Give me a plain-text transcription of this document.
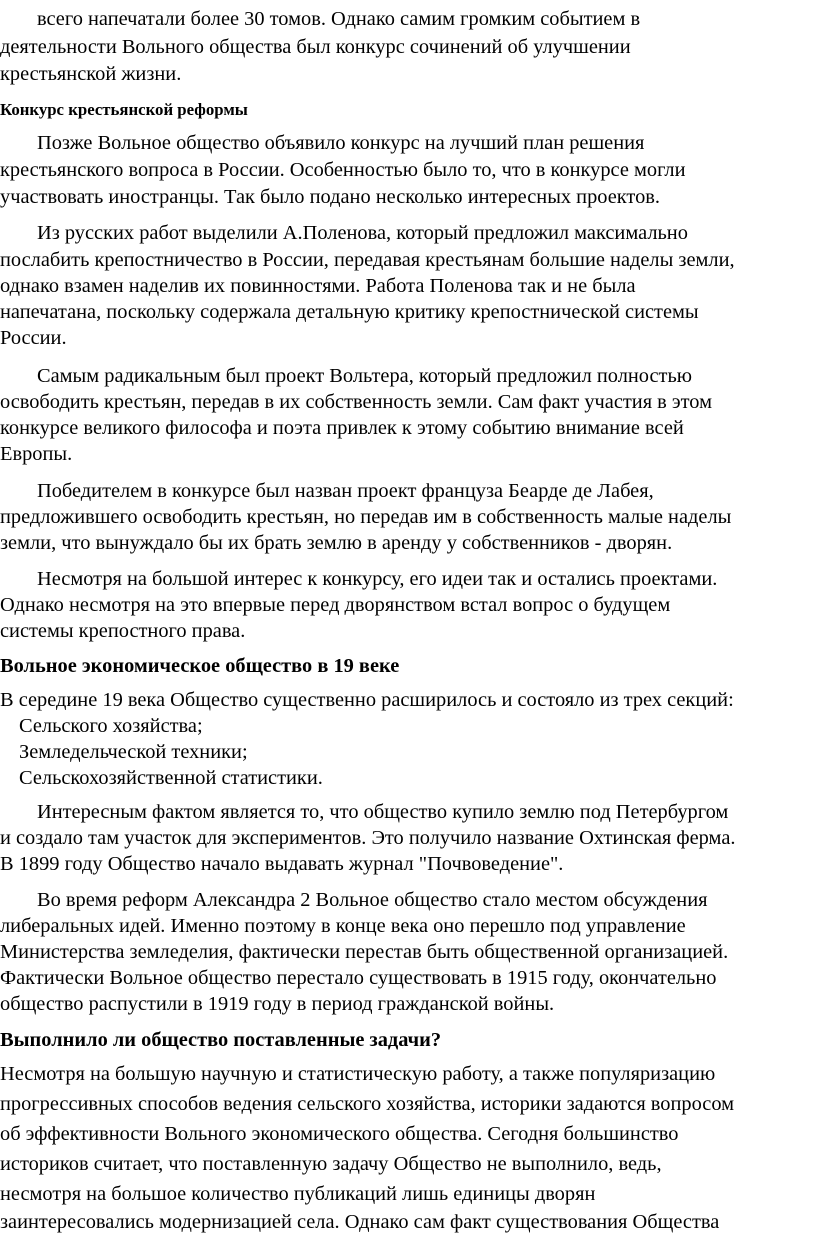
всего напечатали более 30 томов. Однако самим громким событием в
деятельности Вольного общества был конкурс сочинений об улучшении
крестьянской жизни.
Конкурс крестьянской реформы
Позже Вольное общество объявило конкурс на лучший план решения
крестьянского вопроса в России. Особенностью было то, что в конкурсе могли
участвовать иностранцы. Так было подано несколько интересных проектов.
Из русских работ выделили А.Поленова, который предложил максимально
послабить крепостничество в России, передавая крестьянам большие наделы земли,
однако взамен наделив их повинностями. Работа Поленова так и не была
напечатана, поскольку содержала детальную критику крепостнической системы
России.
Самым радикальным был проект Вольтера, который предложил полностью
освободить крестьян, передав в их собственность земли. Сам факт участия в этом
конкурсе великого философа и поэта привлек к этому событию внимание всей
Европы.
Победителем в конкурсе был назван проект француза Беарде де Лабея,
предложившего освободить крестьян, но передав им в собственность малые наделы
земли, что вынуждало бы их брать землю в аренду у собственников - дворян.
Несмотря на большой интерес к конкурсу, его идеи так и остались проектами.
Однако несмотря на это впервые перед дворянством встал вопрос о будущем
системы крепостного права.
Вольное экономическое общество в 19 веке
В середине 19 века Общество существенно расширилось и состояло из трех секций:
Сельского хозяйства;
Земледельческой техники;
Сельскохозяйственной статистики.
Интересным фактом является то, что общество купило землю под Петербургом
и создало там участок для экспериментов. Это получило название Охтинская ферма.
В 1899 году Общество начало выдавать журнал "Почвоведение".
Во время реформ Александра 2 Вольное общество стало местом обсуждения
либеральных идей. Именно поэтому в конце века оно перешло под управление
Министерства земледелия, фактически перестав быть общественной организацией.
Фактически Вольное общество перестало существовать в 1915 году, окончательно
общество распустили в 1919 году в период гражданской войны.
Выполнило ли общество поставленные задачи?
Несмотря на большую научную и статистическую работу, а также популяризацию
прогрессивных способов ведения сельского хозяйства, историки задаются вопросом
об эффективности Вольного экономического общества. Сегодня большинство
историков считает, что поставленную задачу Общество не выполнило, ведь,
несмотря на большое количество публикаций лишь единицы дворян
заинтересовались модернизацией села. Однако сам факт существования Общества
